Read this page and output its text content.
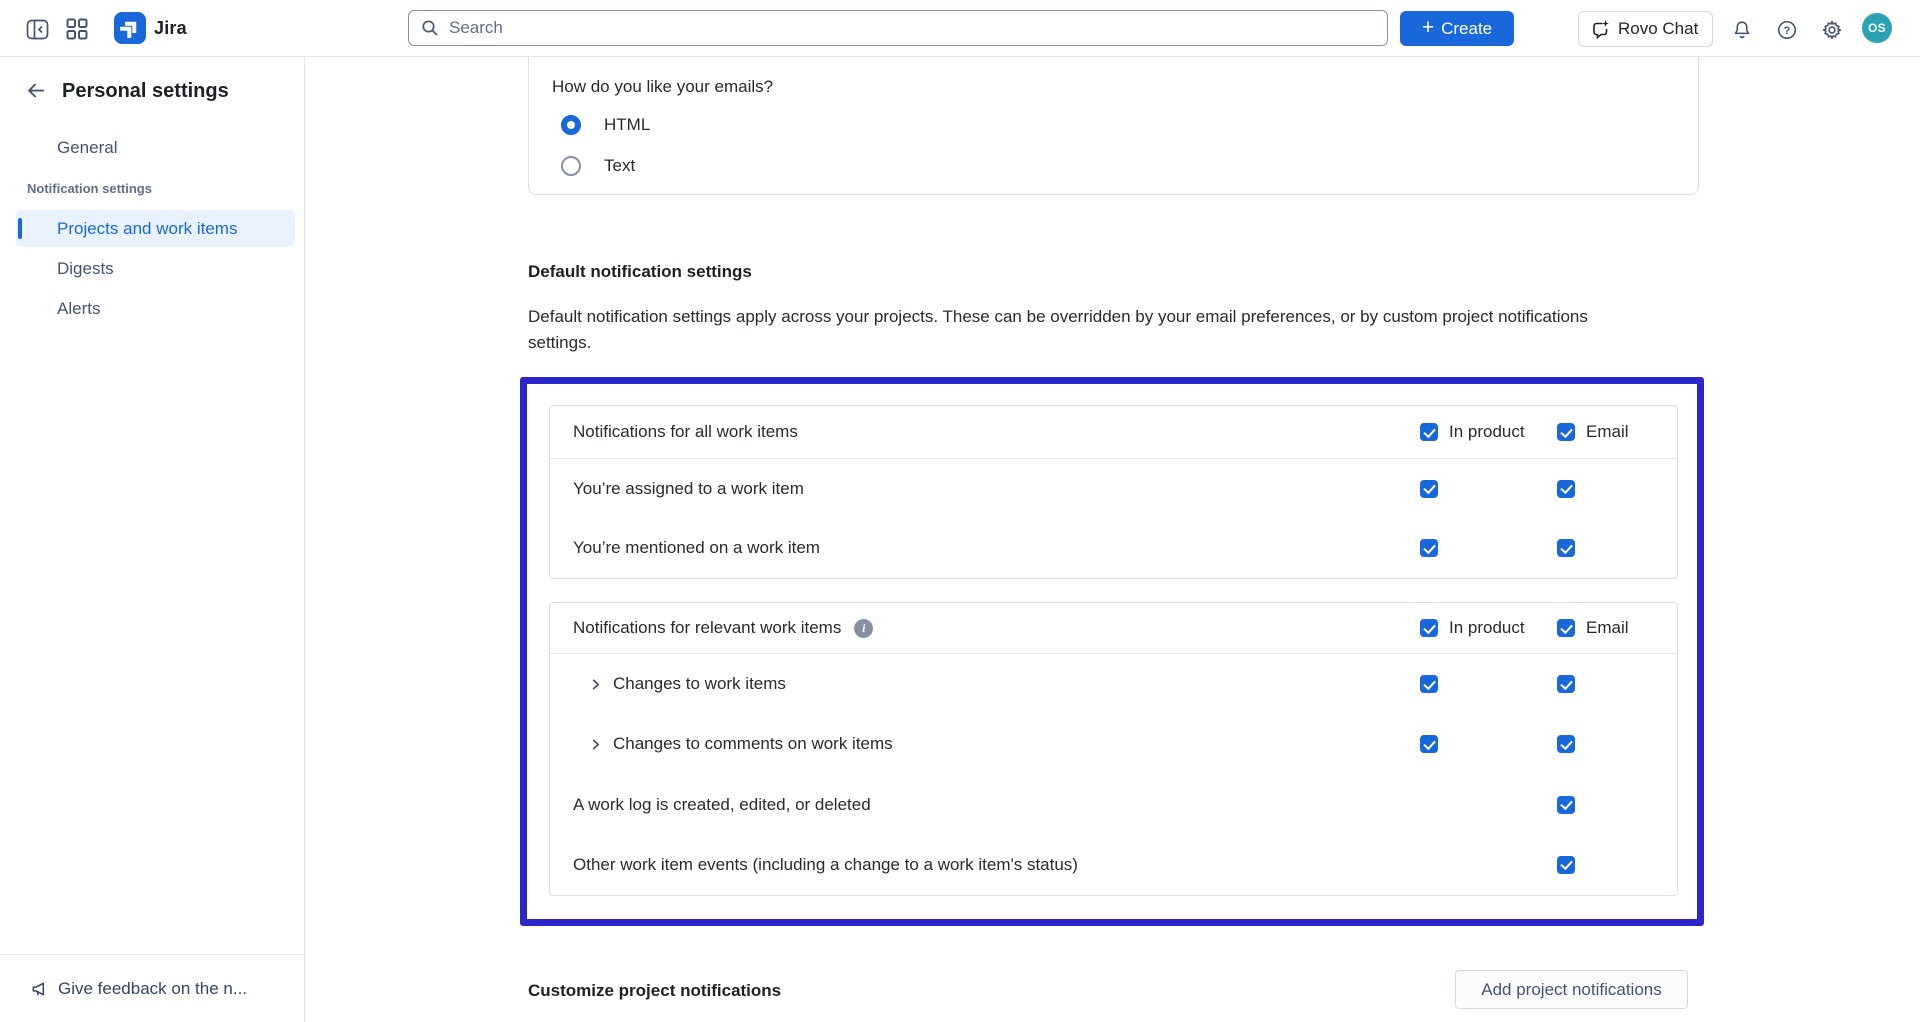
Jira
Search	+ Create	Rovo Chat	?	OS
Personal settings
General
Notification settings
Projects and work items
Digests
Alerts
Give feedback on the n...
How do you like your emails?
HTML
Text
Default notification settings

Default notification settings apply across your projects. These can be overridden by your email preferences, or by custom project notifications settings.

Notifications for all work items	In product	Email
You’re assigned to a work item
You’re mentioned on a work item
Notifications for relevant work items	i	In product	Email
Changes to work items
Changes to comments on work items
A work log is created, edited, or deleted
Other work item events (including a change to a work item's status)
Customize project notifications	Add project notifications
